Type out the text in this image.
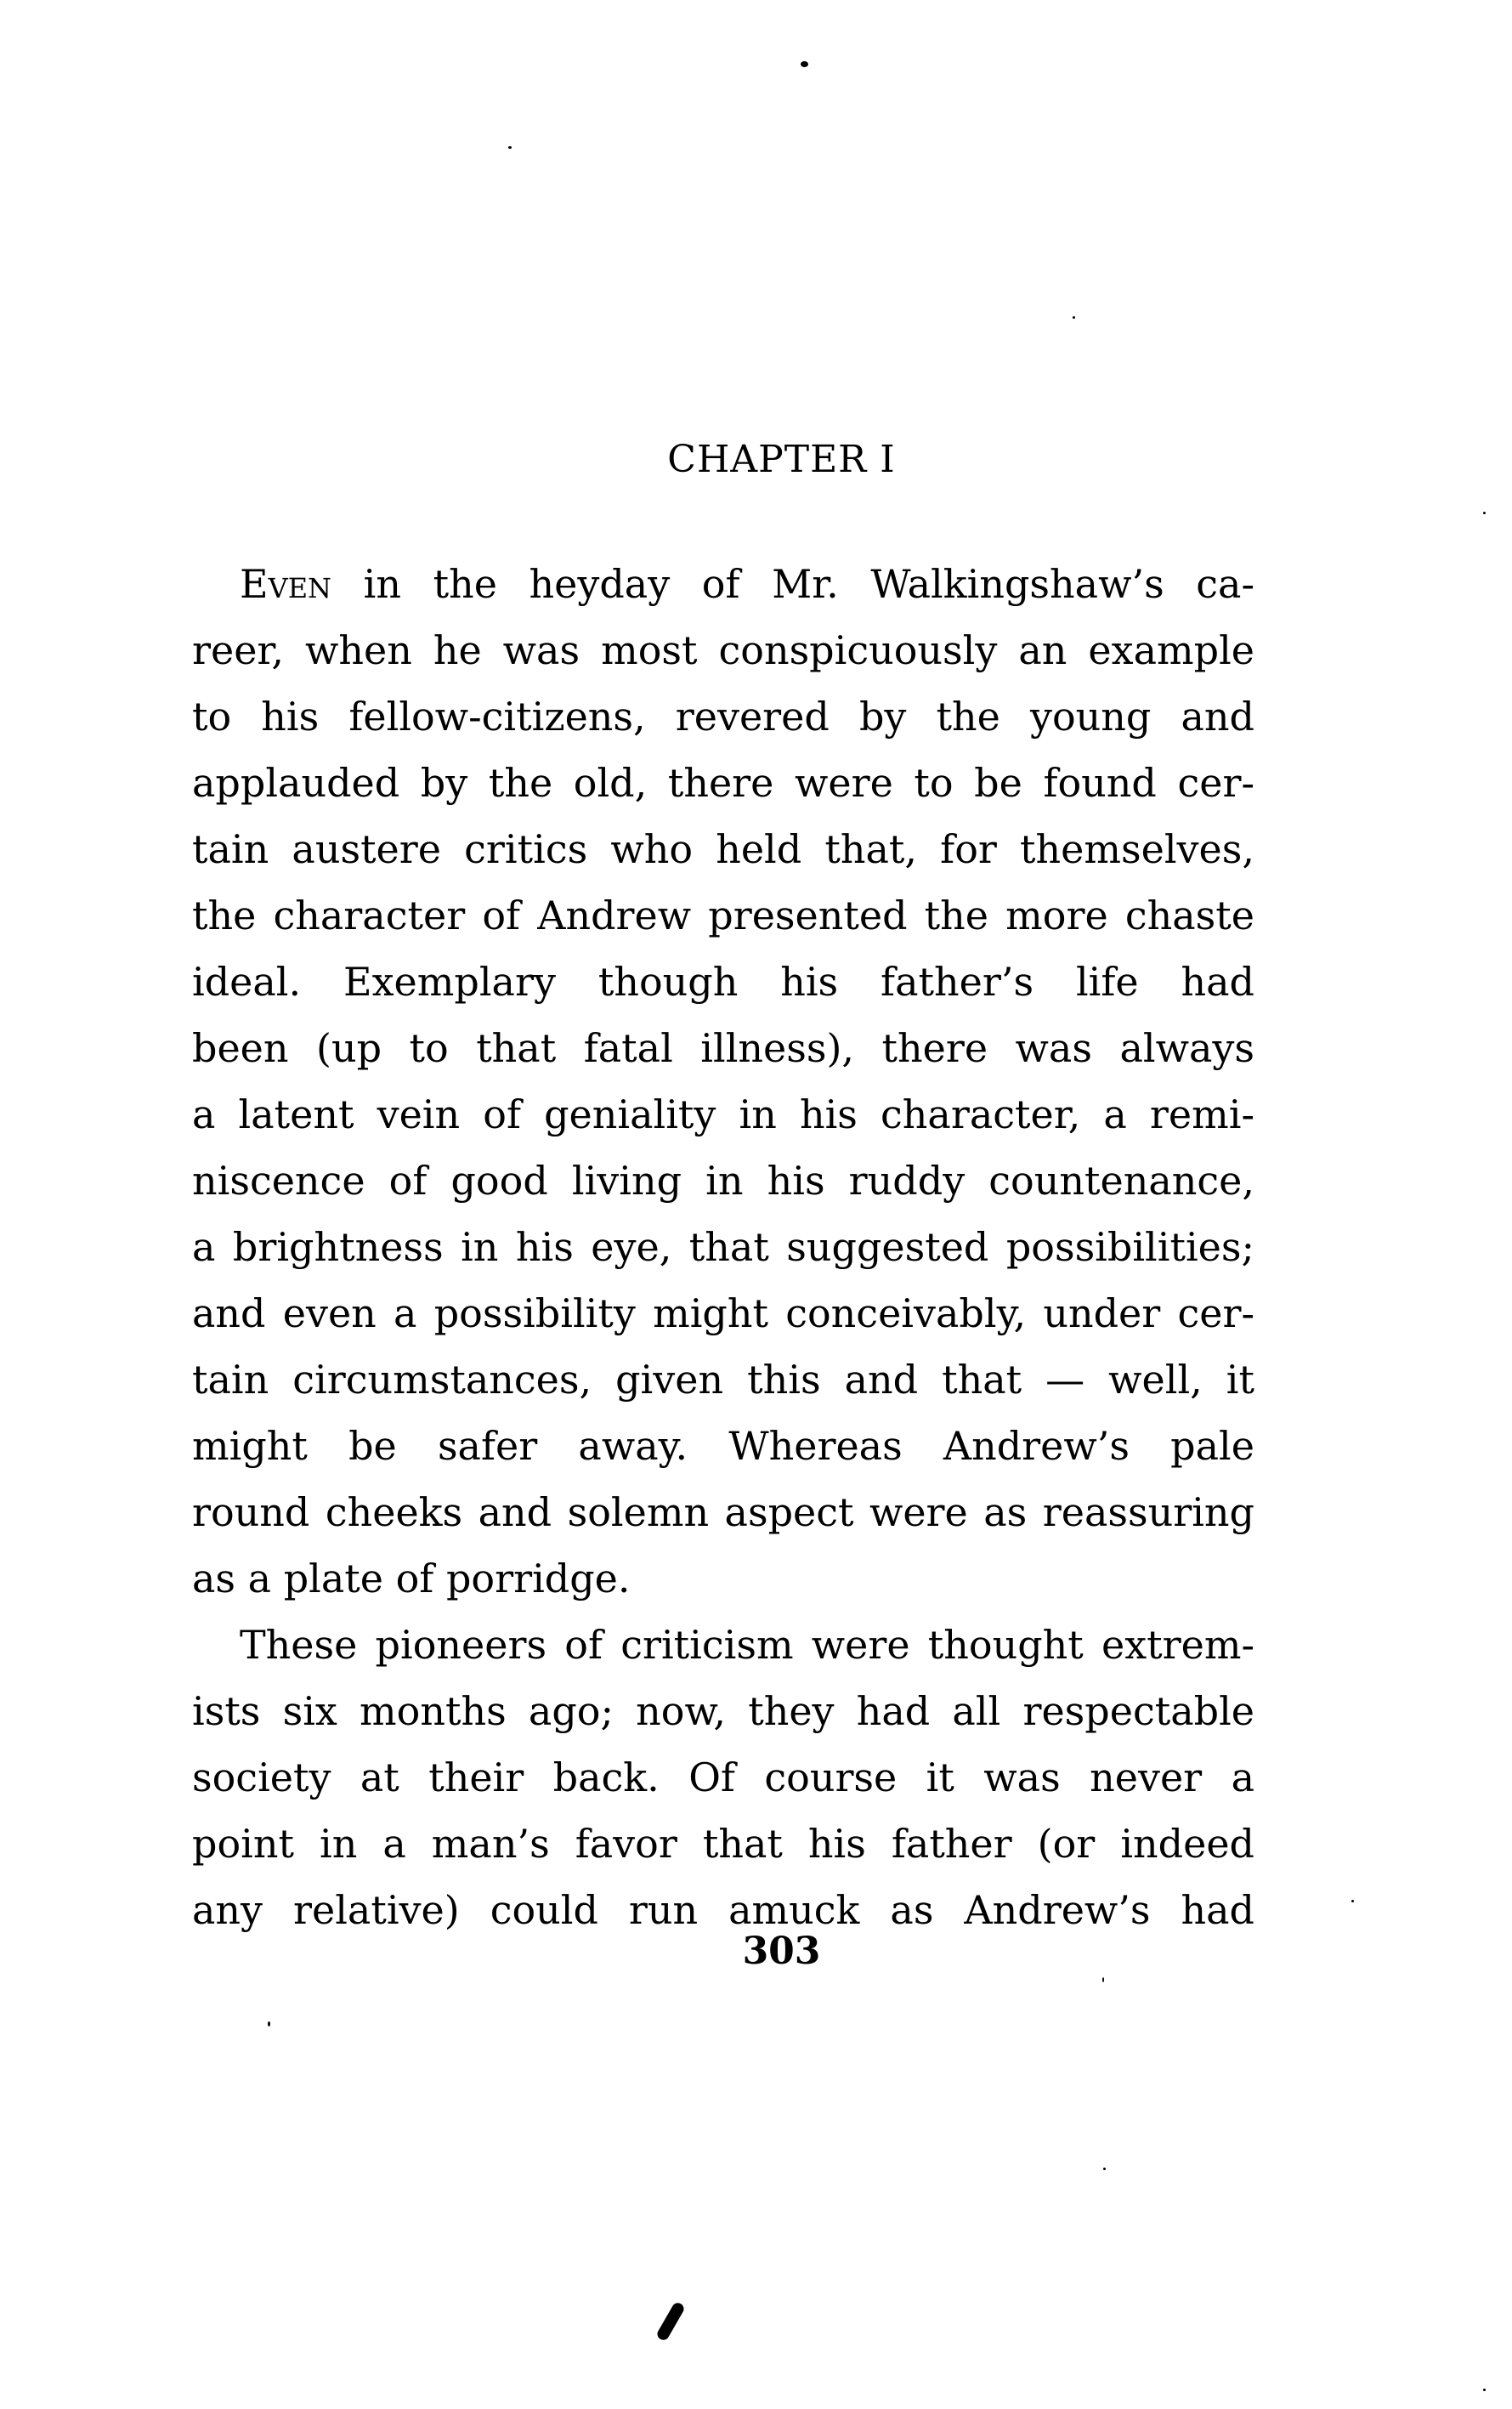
CHAPTER I
Even in the heyday of Mr. Walkingshaw’s ca-
reer, when he was most conspicuously an example
to his fellow-citizens, revered by the young and
applauded by the old, there were to be found cer-
tain austere critics who held that, for themselves,
the character of Andrew presented the more chaste
ideal. Exemplary though his father’s life had
been (up to that fatal illness), there was always
a latent vein of geniality in his character, a remi-
niscence of good living in his ruddy countenance,
a brightness in his eye, that suggested possibilities;
and even a possibility might conceivably, under cer-
tain circumstances, given this and that — well, it
might be safer away. Whereas Andrew’s pale
round cheeks and solemn aspect were as reassuring
as a plate of porridge.
These pioneers of criticism were thought extrem-
ists six months ago; now, they had all respectable
society at their back. Of course it was never a
point in a man’s favor that his father (or indeed
any relative) could run amuck as Andrew’s had
303
